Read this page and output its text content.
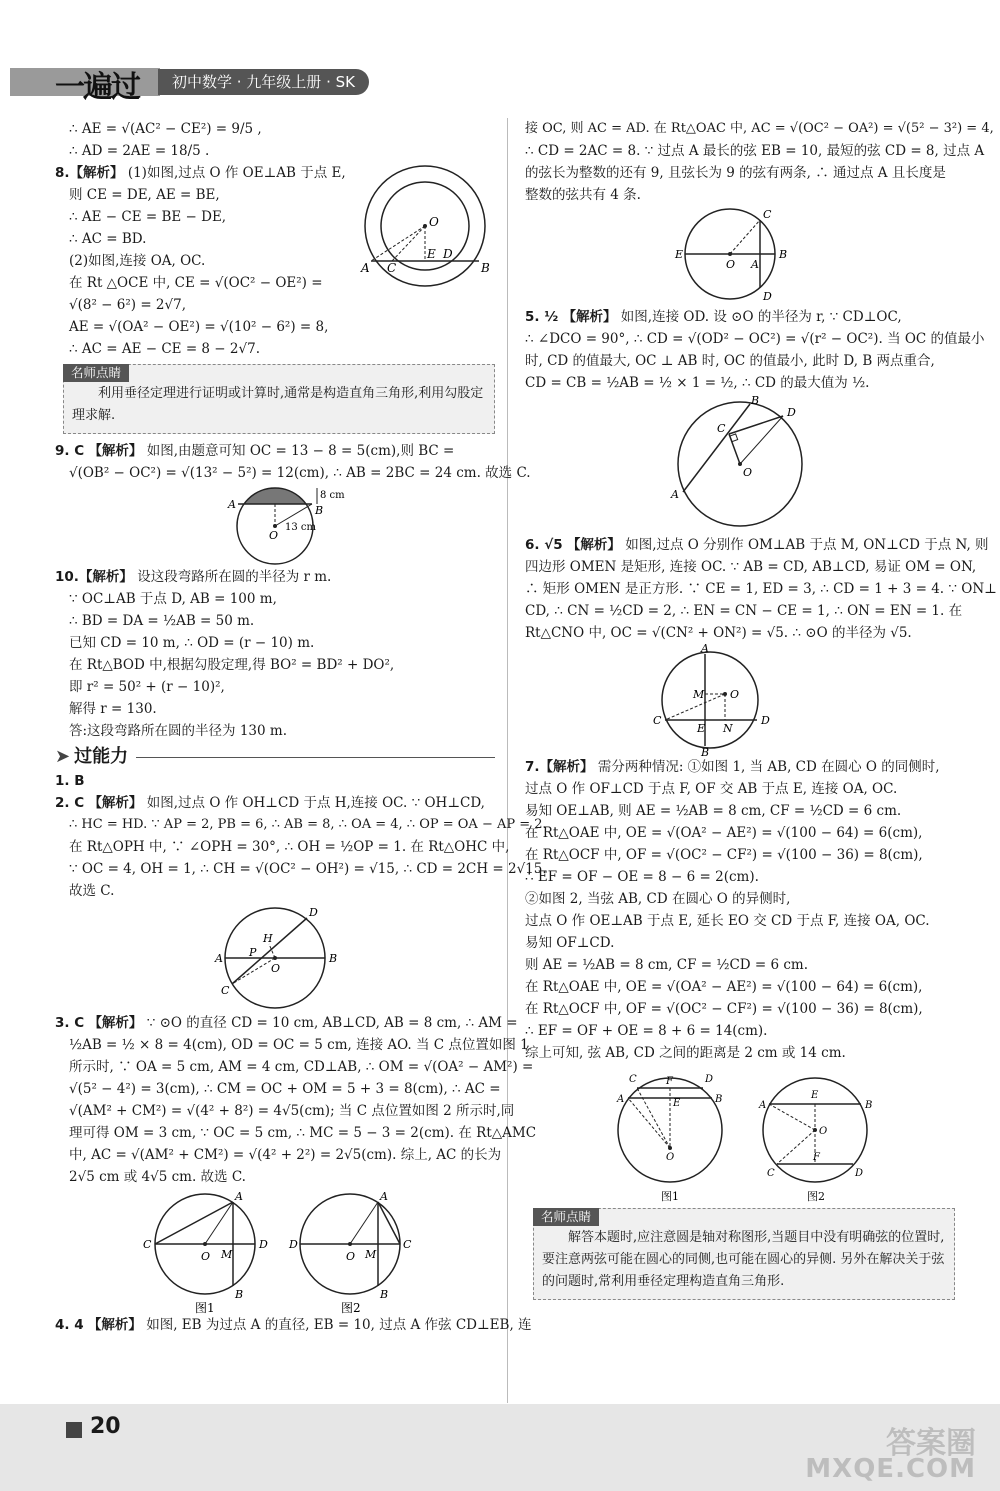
一遍过	初中数学 · 九年级上册 · SK
∴ AE = √(AC² − CE²) = 9/5 ,
∴ AD = 2AE = 18/5 .
8.【解析】 (1)如图,过点 O 作 OE⊥AB 于点 E,
则 CE = DE, AE = BE,
∴ AE − CE = BE − DE,
∴ AC = BD.
(2)如图,连接 OA, OC.
在 Rt △OCE 中, CE = √(OC² − OE²) =
√(8² − 6²) = 2√7,
O
A C
E D
B
AE = √(OA² − OE²) = √(10² − 6²) = 8,
∴ AC = AE − CE = 8 − 2√7.
名师点睛
利用垂径定理进行证明或计算时,通常是构造直角三角形,利用勾股定理求解.
9. C 【解析】 如图,由题意可知 OC = 13 − 8 = 5(cm),则 BC =
√(OB² − OC²) = √(13² − 5²) = 12(cm), ∴ AB = 2BC = 24 cm. 故选 C.
A	B
O
8 cm
13 cm
10.【解析】 设这段弯路所在圆的半径为 r m.
∵ OC⊥AB 于点 D, AB = 100 m,
∴ BD = DA = ½AB = 50 m.
已知 CD = 10 m, ∴ OD = (r − 10) m.
在 Rt△BOD 中,根据勾股定理,得 BO² = BD² + DO²,
即 r² = 50² + (r − 10)²,
解得 r = 130.
答:这段弯路所在圆的半径为 130 m.
➤ 过能力
1. B
2. C 【解析】 如图,过点 O 作 OH⊥CD 于点 H,连接 OC. ∵ OH⊥CD,
∴ HC = HD. ∵ AP = 2, PB = 6, ∴ AB = 8, ∴ OA = 4, ∴ OP = OA − AP = 2.
在 Rt△OPH 中, ∵ ∠OPH = 30°, ∴ OH = ½OP = 1. 在 Rt△OHC 中,
∵ OC = 4, OH = 1, ∴ CH = √(OC² − OH²) = √15, ∴ CD = 2CH = 2√15.
故选 C.
A	B
C
D
H
P
O
3. C 【解析】 ∵ ⊙O 的直径 CD = 10 cm, AB⊥CD, AB = 8 cm, ∴ AM =
½AB = ½ × 8 = 4(cm), OD = OC = 5 cm, 连接 AO. 当 C 点位置如图 1
所示时, ∵ OA = 5 cm, AM = 4 cm, CD⊥AB, ∴ OM = √(OA² − AM²) =
√(5² − 4²) = 3(cm), ∴ CM = OC + OM = 5 + 3 = 8(cm), ∴ AC =
√(AM² + CM²) = √(4² + 8²) = 4√5(cm); 当 C 点位置如图 2 所示时,同
理可得 OM = 3 cm, ∵ OC = 5 cm, ∴ MC = 5 − 3 = 2(cm). 在 Rt△AMC
中, AC = √(AM² + CM²) = √(4² + 2²) = 2√5(cm). 综上, AC 的长为
2√5 cm 或 4√5 cm. 故选 C.
C	D
A
B
O M
图1
D	C
A
B
O M
图2
4. 4 【解析】 如图, EB 为过点 A 的直径, EB = 10, 过点 A 作弦 CD⊥EB, 连
接 OC, 则 AC = AD. 在 Rt△OAC 中, AC = √(OC² − OA²) = √(5² − 3²) = 4,
∴ CD = 2AC = 8. ∵ 过点 A 最长的弦 EB = 10, 最短的弦 CD = 8, 过点 A
的弦长为整数的还有 9, 且弦长为 9 的弦有两条, ∴ 通过点 A 且长度是
整数的弦共有 4 条.
E	B
C
D
O A
5. ½ 【解析】 如图,连接 OD. 设 ⊙O 的半径为 r, ∵ CD⊥OC,
∴ ∠DCO = 90°, ∴ CD = √(OD² − OC²) = √(r² − OC²). 当 OC 的值最小
时, CD 的值最大, OC ⊥ AB 时, OC 的值最小, 此时 D, B 两点重合,
CD = CB = ½AB = ½ × 1 = ½, ∴ CD 的最大值为 ½.
A
B
C
D
O
6. √5 【解析】 如图,过点 O 分别作 OM⊥AB 于点 M, ON⊥CD 于点 N, 则
四边形 OMEN 是矩形, 连接 OC. ∵ AB = CD, AB⊥CD, 易证 OM = ON,
∴ 矩形 OMEN 是正方形. ∵ CE = 1, ED = 3, ∴ CD = 1 + 3 = 4. ∵ ON⊥
CD, ∴ CN = ½CD = 2, ∴ EN = CN − CE = 1, ∴ ON = EN = 1. 在
Rt△CNO 中, OC = √(CN² + ON²) = √5. ∴ ⊙O 的半径为 √5.
A
B
C	D
M O
E N
7.【解析】 需分两种情况: ①如图 1, 当 AB, CD 在圆心 O 的同侧时,
过点 O 作 OF⊥CD 于点 F, OF 交 AB 于点 E, 连接 OA, OC.
易知 OE⊥AB, 则 AE = ½AB = 8 cm, CF = ½CD = 6 cm.
在 Rt△OAE 中, OE = √(OA² − AE²) = √(100 − 64) = 6(cm),
在 Rt△OCF 中, OF = √(OC² − CF²) = √(100 − 36) = 8(cm),
∴ EF = OF − OE = 8 − 6 = 2(cm).
②如图 2, 当弦 AB, CD 在圆心 O 的异侧时,
过点 O 作 OE⊥AB 于点 E, 延长 EO 交 CD 于点 F, 连接 OA, OC.
易知 OF⊥CD.
则 AE = ½AB = 8 cm, CF = ½CD = 6 cm.
在 Rt△OAE 中, OE = √(OA² − AE²) = √(100 − 64) = 6(cm),
在 Rt△OCF 中, OF = √(OC² − CF²) = √(100 − 36) = 8(cm),
∴ EF = OF + OE = 8 + 6 = 14(cm).
综上可知, 弦 AB, CD 之间的距离是 2 cm 或 14 cm.
A	B
C	D
F
E
O
图1
A	B
E
O
F
C	D
图2
名师点睛
解答本题时,应注意圆是轴对称图形,当题目中没有明确弦的位置时,要注意两弦可能在圆心的同侧,也可能在圆心的异侧. 另外在解决关于弦的问题时,常利用垂径定理构造直角三角形.
20	答案圈
MXQE.COM
